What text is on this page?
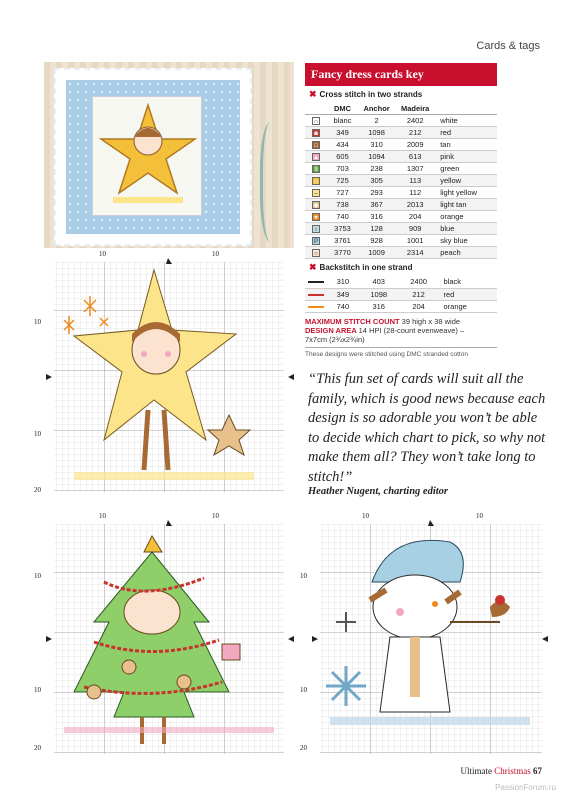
Cards & tags
Fancy dress cards key
✖ Cross stitch in two strands
	DMC	Anchor	Madeira	
∩	blanc	2	2402	white
◙	349	1098	212	red
□	434	310	2009	tan
▲	605	1094	613	pink
$	703	238	1307	green
◇	725	305	113	yellow
–	727	293	112	light yellow
◆	738	367	2013	light tan
★	740	316	204	orange
ι	3753	128	909	blue
P	3761	928	1001	sky blue
○	3770	1009	2314	peach
✖ Backstitch in one strand
	310	403	2400	black
	349	1098	212	red
	740	316	204	orange
MAXIMUM STITCH COUNT 39 high x 38 wide
DESIGN AREA 14 HPI (28-count evenweave) –
7x7cm (2¾x2¾in)
These designs were stitched using DMC stranded cotton
“This fun set of cards will suit all the family, which is good news because each design is so adorable you won’t be able to decide which chart to pick, so why not make them all? They won’t take long to stitch!”
Heather Nugent, charting editor
10	10
10
10
20
10	10
10
10
20
10	10
10
10
20
Ultimate Christmas 67
PassionForum.ru
